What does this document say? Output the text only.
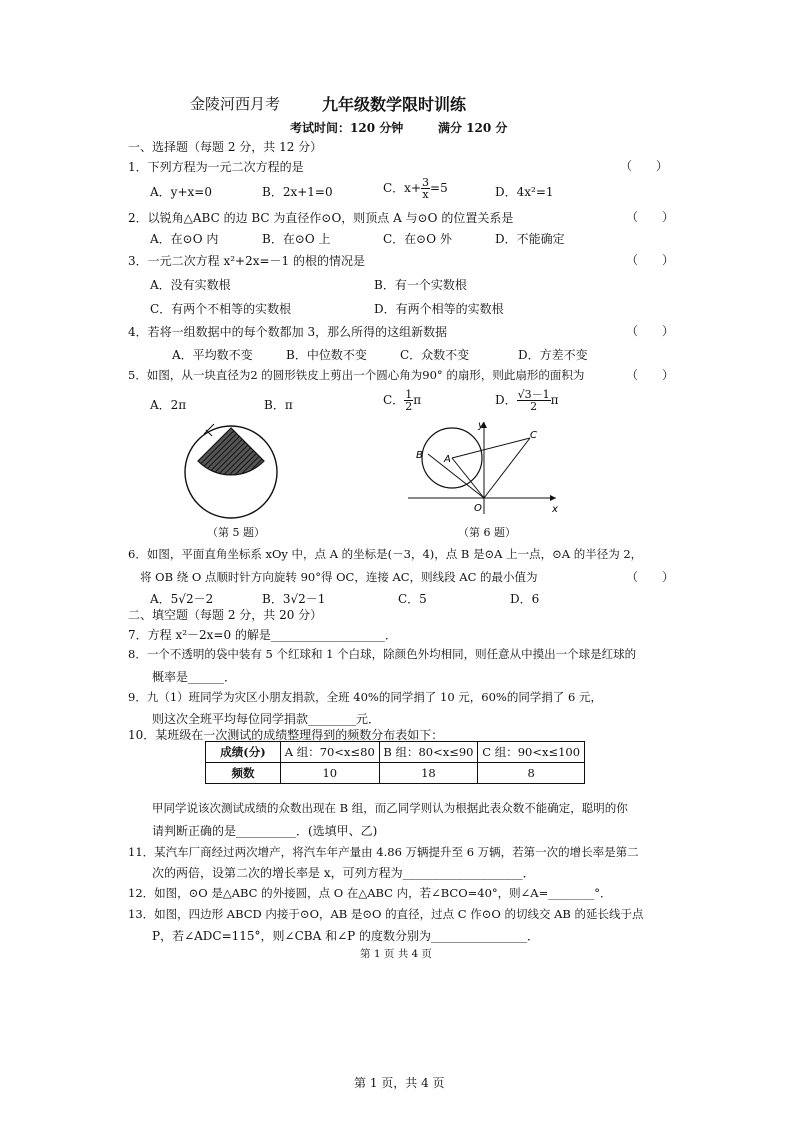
金陵河西月考	九年级数学限时训练
考试时间：120 分钟	满分 120 分
一、选择题（每题 2 分，共 12 分）
1．下列方程为一元二次方程的是	（　　）
A．y+x=0	B．2x+1=0	C．$x+ \frac{3}{x} =5$	D．4x²=1
2．以锐角△ABC 的边 BC 为直径作⊙O，则顶点 A 与⊙O 的位置关系是	（　　）
A．在⊙O 内	B．在⊙O 上	C．在⊙O 外	D．不能确定
3．一元二次方程 x²+2x=－1 的根的情况是	（　　）
A．没有实数根	B．有一个实数根
C．有两个不相等的实数根	D．有两个相等的实数根
4．若将一组数据中的每个数都加 3，那么所得的这组新数据	（　　）
A．平均数不变	B．中位数不变	C．众数不变	D．方差不变
5．如图，从一块直径为2 的圆形铁皮上剪出一个圆心角为90° 的扇形，则此扇形的面积为	（　　）
A．2π	B．π	C． $\frac{1}{2}$ π	D． $\frac{√3-1}{2}$ π
（第 5 题）
y
x
O
A
B
C
（第 6 题）
6．如图，平面直角坐标系 xOy 中，点 A 的坐标是(－3，4)，点 B 是⊙A 上一点，⊙A 的半径为 2，
将 OB 绕 O 点顺时针方向旋转 90°得 OC，连接 AC，则线段 AC 的最小值为	（　　）
A．5√2－2	B．3√2－1	C．5	D．6
二、填空题（每题 2 分，共 20 分）
7．方程 x²－2x=0 的解是___________________．
8．一个不透明的袋中装有 5 个红球和 1 个白球，除颜色外均相同，则任意从中摸出一个球是红球的
概率是______．
9．九（1）班同学为灾区小朋友捐款，全班 40%的同学捐了 10 元，60%的同学捐了 6 元，
则这次全班平均每位同学捐款________元．
10．某班级在一次测试的成绩整理得到的频数分布表如下：
成绩(分)	A 组：70<x≤80	B 组：80<x≤90	C 组：90<x≤100
频数	10	18	8
甲同学说该次测试成绩的众数出现在 B 组，而乙同学则认为根据此表众数不能确定，聪明的你
请判断正确的是__________．(选填甲、乙)
11．某汽车厂商经过两次增产，将汽车年产量由 4.86 万辆提升至 6 万辆，若第一次的增长率是第二
次的两倍，设第二次的增长率是 x，可列方程为____________________．
12．如图，⊙O 是△ABC 的外接圆，点 O 在△ABC 内，若∠BCO=40°，则∠A=________°．
13．如图，四边形 ABCD 内接于⊙O，AB 是⊙O 的直径，过点 C 作⊙O 的切线交 AB 的延长线于点
P，若∠ADC=115°，则∠CBA 和∠P 的度数分别为________________．
第 1 页 共 4 页
第 1 页，共 4 页
